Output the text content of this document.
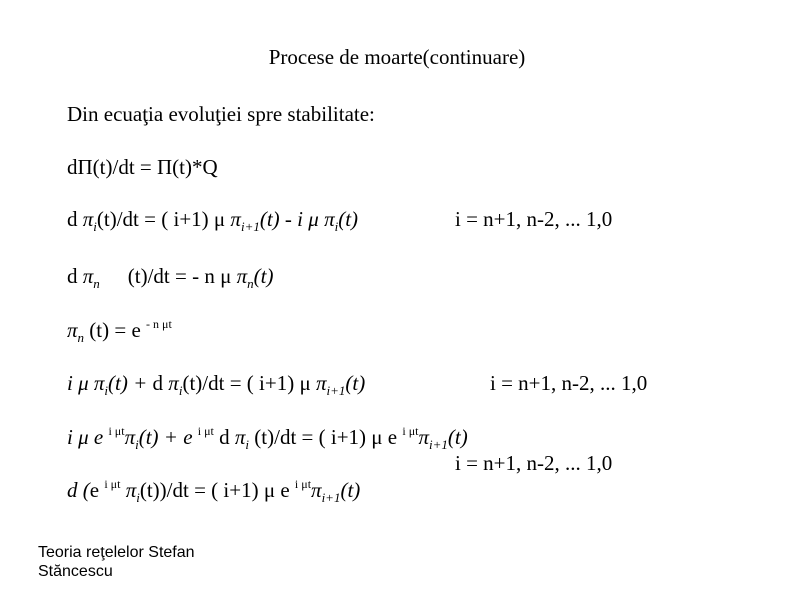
Procese de moarte(continuare)
Din ecuaţia evoluţiei spre stabilitate:
dΠ(t)/dt = Π(t)*Q
d $\pi_i(t)/dt$ = ( i+1) μ $\pi_{i+1}(t)$ - i μ $\pi_i(t)$	i = n+1, n-2, ... 1,0
d $\pi_n$ (t)/dt = - n μ $\pi_n(t)$
$\pi_n$ (t) = e $^{- n \mu t}$
i μ $\pi_i(t) + d$ $\pi_i(t)/dt$ = ( i+1) μ $\pi_{i+1}(t)$	i = n+1, n-2, ... 1,0
i μ e $^{i \mu t}\pi_i(t) + e$ $^{i \mu t}$ d $\pi_i$ (t)/dt = ( i+1) μ e $^{i \mu t}\pi_{i+1}(t)$
i = n+1, n-2, ... 1,0
d (e $^{i \mu t}$ $\pi_i(t))/dt$ = ( i+1) μ e $^{i \mu t}\pi_{i+1}(t)$
Teoria reţelelor Stefan
Stăncescu
